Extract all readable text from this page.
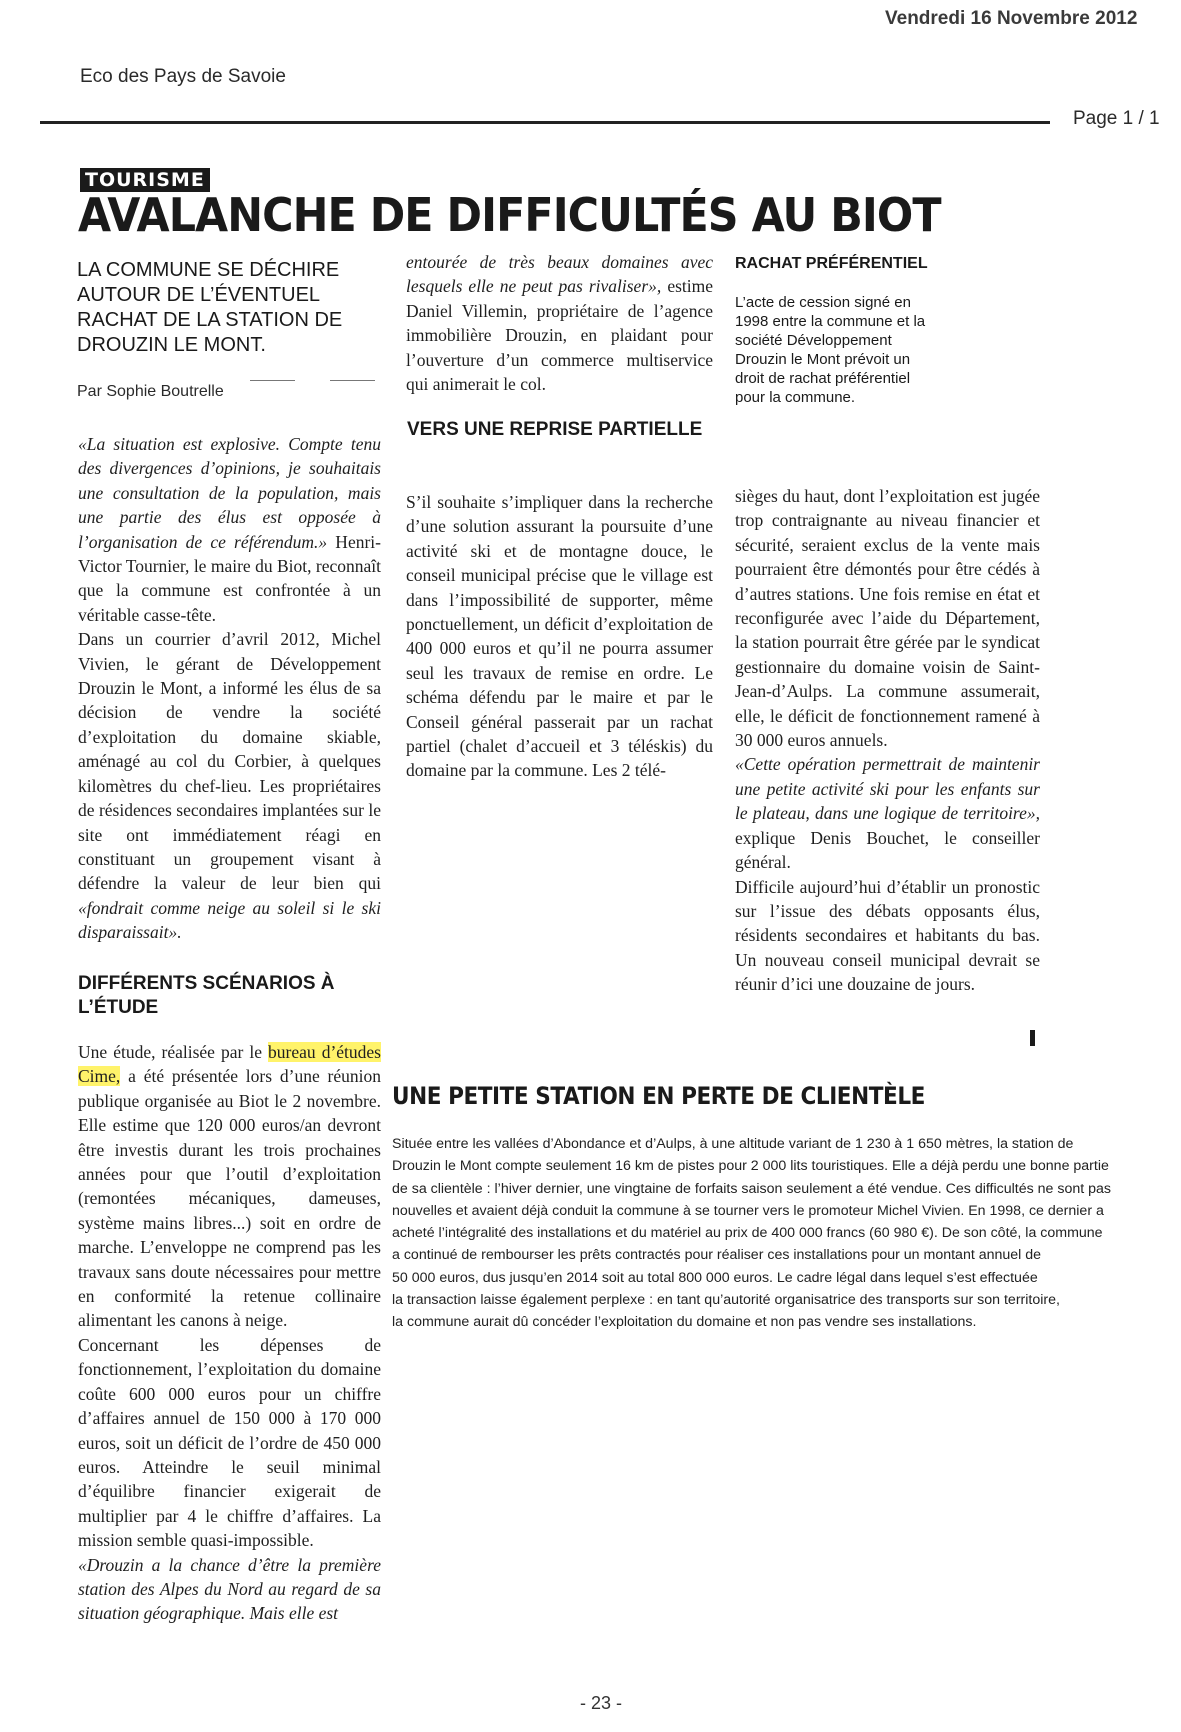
Vendredi 16 Novembre 2012
Eco des Pays de Savoie
Page 1 / 1
TOURISME
AVALANCHE DE DIFFICULTÉS AU BIOT
LA COMMUNE SE DÉCHIRE AUTOUR DE L’ÉVENTUEL RACHAT DE LA STATION DE DROUZIN LE MONT.
Par Sophie Boutrelle

«La situation est explosive. Compte tenu des divergences d’opinions, je souhaitais une consultation de la population, mais une partie des élus est opposée à l’organisation de ce référendum.» Henri-Victor Tournier, le maire du Biot, reconnaît que la commune est confrontée à un véritable casse-tête.

Dans un courrier d’avril 2012, Michel Vivien, le gérant de Développement Drouzin le Mont, a informé les élus de sa décision de vendre la société d’exploitation du domaine skiable, aménagé au col du Corbier, à quelques kilomètres du chef-lieu. Les propriétaires de résidences secondaires implantées sur le site ont immédiatement réagi en constituant un groupement visant à défendre la valeur de leur bien qui «fondrait comme neige au soleil si le ski disparaissait».

DIFFÉRENTS SCÉNARIOS À L’ÉTUDE

Une étude, réalisée par le bureau d’études Cime, a été présentée lors d’une réunion publique organisée au Biot le 2 novembre. Elle estime que 120 000 euros/an devront être investis durant les trois prochaines années pour que l’outil d’exploitation (remontées mécaniques, dameuses, système mains libres...) soit en ordre de marche. L’enveloppe ne comprend pas les travaux sans doute nécessaires pour mettre en conformité la retenue collinaire alimentant les canons à neige.

Concernant les dépenses de fonctionnement, l’exploitation du domaine coûte 600 000 euros pour un chiffre d’affaires annuel de 150 000 à 170 000 euros, soit un déficit de l’ordre de 450 000 euros. Atteindre le seuil minimal d’équilibre financier exigerait de multiplier par 4 le chiffre d’affaires. La mission semble quasi-impossible.

«Drouzin a la chance d’être la première station des Alpes du Nord au regard de sa situation géographique. Mais elle est

entourée de très beaux domaines avec lesquels elle ne peut pas rivaliser», estime Daniel Villemin, propriétaire de l’agence immobilière Drouzin, en plaidant pour l’ouverture d’un commerce multiservice qui animerait le col.

VERS UNE REPRISE PARTIELLE

S’il souhaite s’impliquer dans la recherche d’une solution assurant la poursuite d’une activité ski et de montagne douce, le conseil municipal précise que le village est dans l’impossibilité de supporter, même ponctuellement, un déficit d’exploitation de 400 000 euros et qu’il ne pourra assumer seul les travaux de remise en ordre. Le schéma défendu par le maire et par le Conseil général passerait par un rachat partiel (chalet d’accueil et 3 téléskis) du domaine par la commune. Les 2 télé-

RACHAT PRÉFÉRENTIEL
L’acte de cession signé en 1998 entre la commune et la société Développement Drouzin le Mont prévoit un droit de rachat préférentiel pour la commune.

sièges du haut, dont l’exploitation est jugée trop contraignante au niveau financier et sécurité, seraient exclus de la vente mais pourraient être démontés pour être cédés à d’autres stations. Une fois remise en état et reconfigurée avec l’aide du Département, la station pourrait être gérée par le syndicat gestionnaire du domaine voisin de Saint-Jean-d’Aulps. La commune assumerait, elle, le déficit de fonctionnement ramené à 30 000 euros annuels.

«Cette opération permettrait de maintenir une petite activité ski pour les enfants sur le plateau, dans une logique de territoire», explique Denis Bouchet, le conseiller général.

Difficile aujourd’hui d’établir un pronostic sur l’issue des débats opposants élus, résidents secondaires et habitants du bas. Un nouveau conseil municipal devrait se réunir d’ici une douzaine de jours.

UNE PETITE STATION EN PERTE DE CLIENTÈLE
Située entre les vallées d’Abondance et d’Aulps, à une altitude variant de 1 230 à 1 650 mètres, la station de
Drouzin le Mont compte seulement 16 km de pistes pour 2 000 lits touristiques. Elle a déjà perdu une bonne partie
de sa clientèle : l’hiver dernier, une vingtaine de forfaits saison seulement a été vendue. Ces difficultés ne sont pas
nouvelles et avaient déjà conduit la commune à se tourner vers le promoteur Michel Vivien. En 1998, ce dernier a
acheté l’intégralité des installations et du matériel au prix de 400 000 francs (60 980 €). De son côté, la commune
a continué de rembourser les prêts contractés pour réaliser ces installations pour un montant annuel de
50 000 euros, dus jusqu’en 2014 soit au total 800 000 euros. Le cadre légal dans lequel s’est effectuée
la transaction laisse également perplexe : en tant qu’autorité organisatrice des transports sur son territoire,
la commune aurait dû concéder l’exploitation du domaine et non pas vendre ses installations.
- 23 -
